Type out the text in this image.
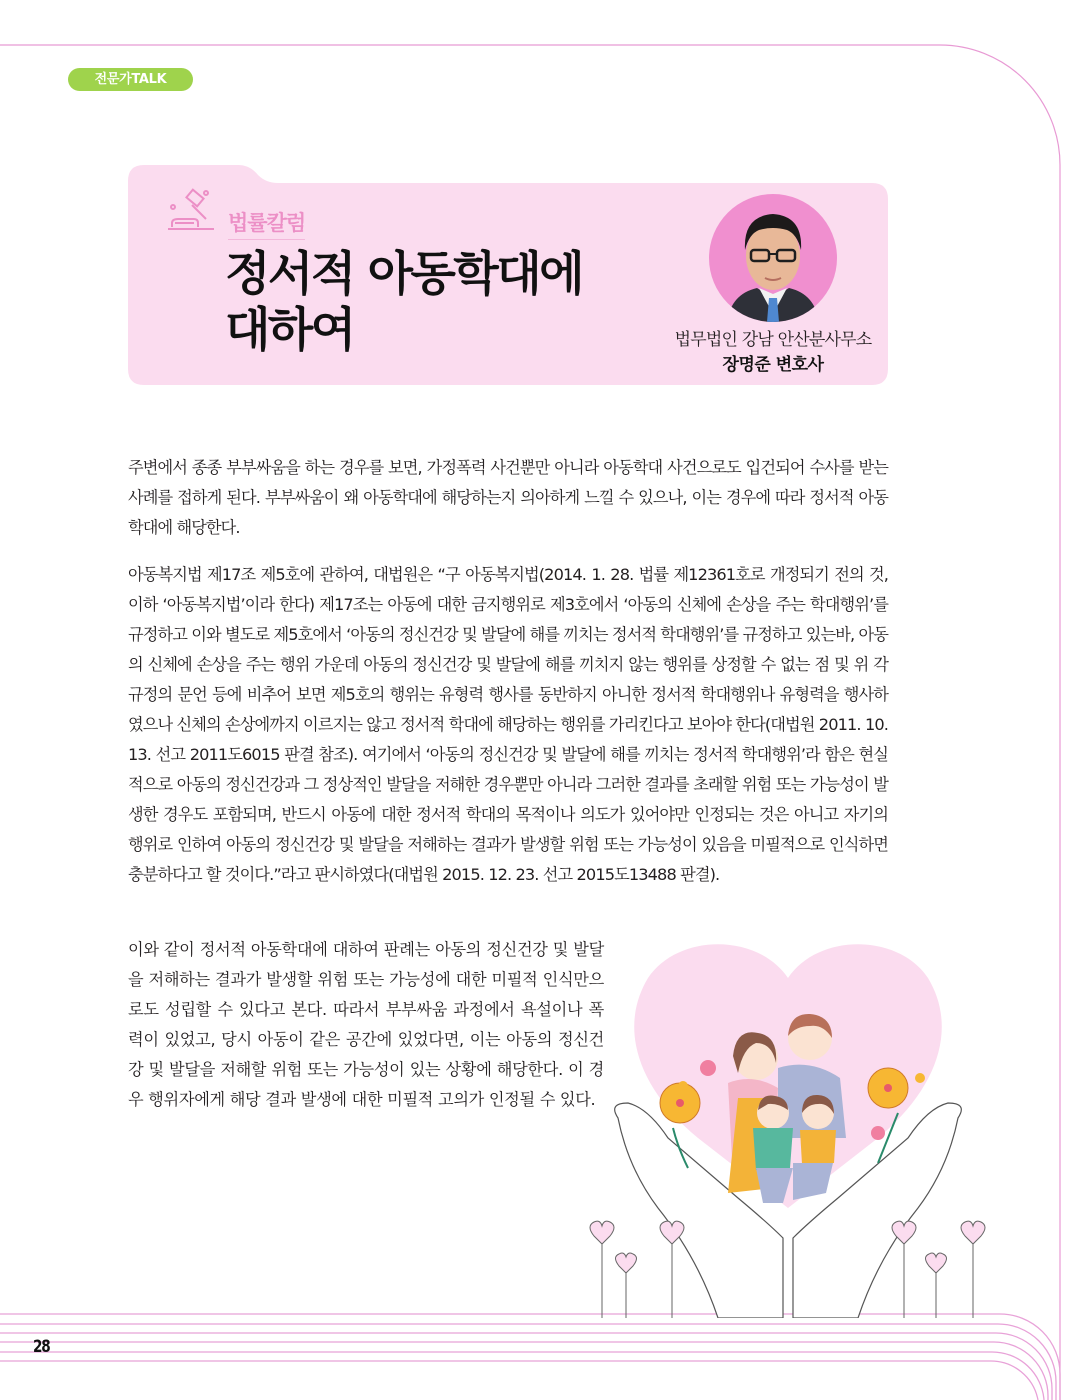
전문가TALK
법률칼럼
정서적 아동학대에
대하여	법무법인 강남 안산분사무소
장명준 변호사

주변에서 종종 부부싸움을 하는 경우를 보면, 가정폭력 사건뿐만 아니라 아동학대 사건으로도 입건되어 수사를 받는 사례를 접하게 된다. 부부싸움이 왜 아동학대에 해당하는지 의아하게 느낄 수 있으나, 이는 경우에 따라 정서적 아동학대에 해당한다.

아동복지법 제17조 제5호에 관하여, 대법원은 “구 아동복지법(2014. 1. 28. 법률 제12361호로 개정되기 전의 것, 이하 ‘아동복지법’이라 한다) 제17조는 아동에 대한 금지행위로 제3호에서 ‘아동의 신체에 손상을 주는 학대행위’를 규정하고 이와 별도로 제5호에서 ‘아동의 정신건강 및 발달에 해를 끼치는 정서적 학대행위’를 규정하고 있는바, 아동의 신체에 손상을 주는 행위 가운데 아동의 정신건강 및 발달에 해를 끼치지 않는 행위를 상정할 수 없는 점 및 위 각 규정의 문언 등에 비추어 보면 제5호의 행위는 유형력 행사를 동반하지 아니한 정서적 학대행위나 유형력을 행사하였으나 신체의 손상에까지 이르지는 않고 정서적 학대에 해당하는 행위를 가리킨다고 보아야 한다(대법원 2011. 10. 13. 선고 2011도6015 판결 참조). 여기에서 ‘아동의 정신건강 및 발달에 해를 끼치는 정서적 학대행위’라 함은 현실적으로 아동의 정신건강과 그 정상적인 발달을 저해한 경우뿐만 아니라 그러한 결과를 초래할 위험 또는 가능성이 발생한 경우도 포함되며, 반드시 아동에 대한 정서적 학대의 목적이나 의도가 있어야만 인정되는 것은 아니고 자기의 행위로 인하여 아동의 정신건강 및 발달을 저해하는 결과가 발생할 위험 또는 가능성이 있음을 미필적으로 인식하면 충분하다고 할 것이다.”라고 판시하였다(대법원 2015. 12. 23. 선고 2015도13488 판결).

이와 같이 정서적 아동학대에 대하여 판례는 아동의 정신건강 및 발달을 저해하는 결과가 발생할 위험 또는 가능성에 대한 미필적 인식만으로도 성립할 수 있다고 본다. 따라서 부부싸움 과정에서 욕설이나 폭력이 있었고, 당시 아동이 같은 공간에 있었다면, 이는 아동의 정신건강 및 발달을 저해할 위험 또는 가능성이 있는 상황에 해당한다. 이 경우 행위자에게 해당 결과 발생에 대한 미필적 고의가 인정될 수 있다.

28
